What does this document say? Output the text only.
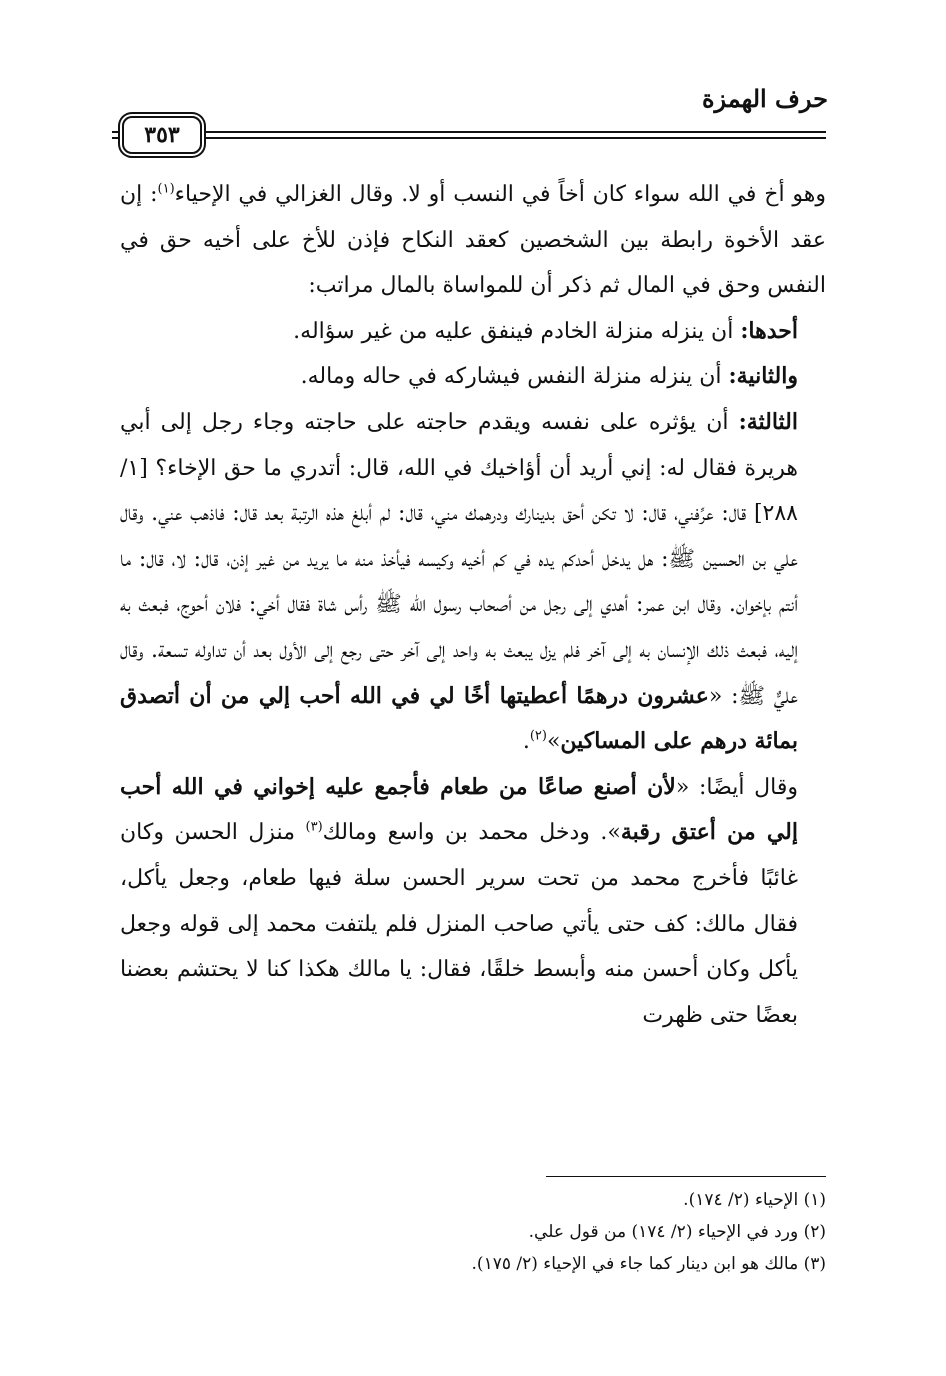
حرف الهمزة
٣٥٣

وهو أخ في الله سواء كان أخاً في النسب أو لا. وقال الغزالي في الإحياء$^{(١)}$: إن عقد الأخوة رابطة بين الشخصين كعقد النكاح فإذن للأخ على أخيه حق في النفس وحق في المال ثم ذكر أن للمواساة بالمال مراتب:

أحدها: أن ينزله منزلة الخادم فينفق عليه من غير سؤاله.

والثانية: أن ينزله منزلة النفس فيشاركه في حاله وماله.

الثالثة: أن يؤثره على نفسه ويقدم حاجته على حاجته وجاء رجل إلى أبي هريرة فقال له: إني أريد أن أؤاخيك في الله، قال: أتدري ما حق الإخاء؟ [١/ ٢٨٨] قال: عرِّفني، قال: لا تكن أحق بدينارك ودرهمك مني، قال: لم أبلغ هذه الرتبة بعد قال: فاذهب عني. وقال علي بن الحسين ﷺ: هل يدخل أحدكم يده في كم أخيه وكيسه فيأخذ منه ما يريد من غير إذن، قال: لا، قال: ما أنتم بإخوان. وقال ابن عمر: أهدي إلى رجل من أصحاب رسول الله ﷺ رأس شاة فقال أخي: فلان أحوج، فبعث به إليه، فبعث ذلك الإنسان به إلى آخر فلم يزل يبعث به واحد إلى آخر حتى رجع إلى الأول بعد أن تداوله تسعة. وقال عليٌّ ﷺ: «عشرون درهمًا أعطيتها أخًا لي في الله أحب إلي من أن أتصدق بمائة درهم على المساكين»$^{(٢)}$.

وقال أيضًا: «لأن أصنع صاعًا من طعام فأجمع عليه إخواني في الله أحب إلي من أعتق رقبة». ودخل محمد بن واسع ومالك$^{(٣)}$ منزل الحسن وكان غائبًا فأخرج محمد من تحت سرير الحسن سلة فيها طعام، وجعل يأكل، فقال مالك: كف حتى يأتي صاحب المنزل فلم يلتفت محمد إلى قوله وجعل يأكل وكان أحسن منه وأبسط خلقًا، فقال: يا مالك هكذا كنا لا يحتشم بعضنا بعضًا حتى ظهرت

(١) الإحياء (٢/ ١٧٤).
(٢) ورد في الإحياء (٢/ ١٧٤) من قول علي.
(٣) مالك هو ابن دينار كما جاء في الإحياء (٢/ ١٧٥).
